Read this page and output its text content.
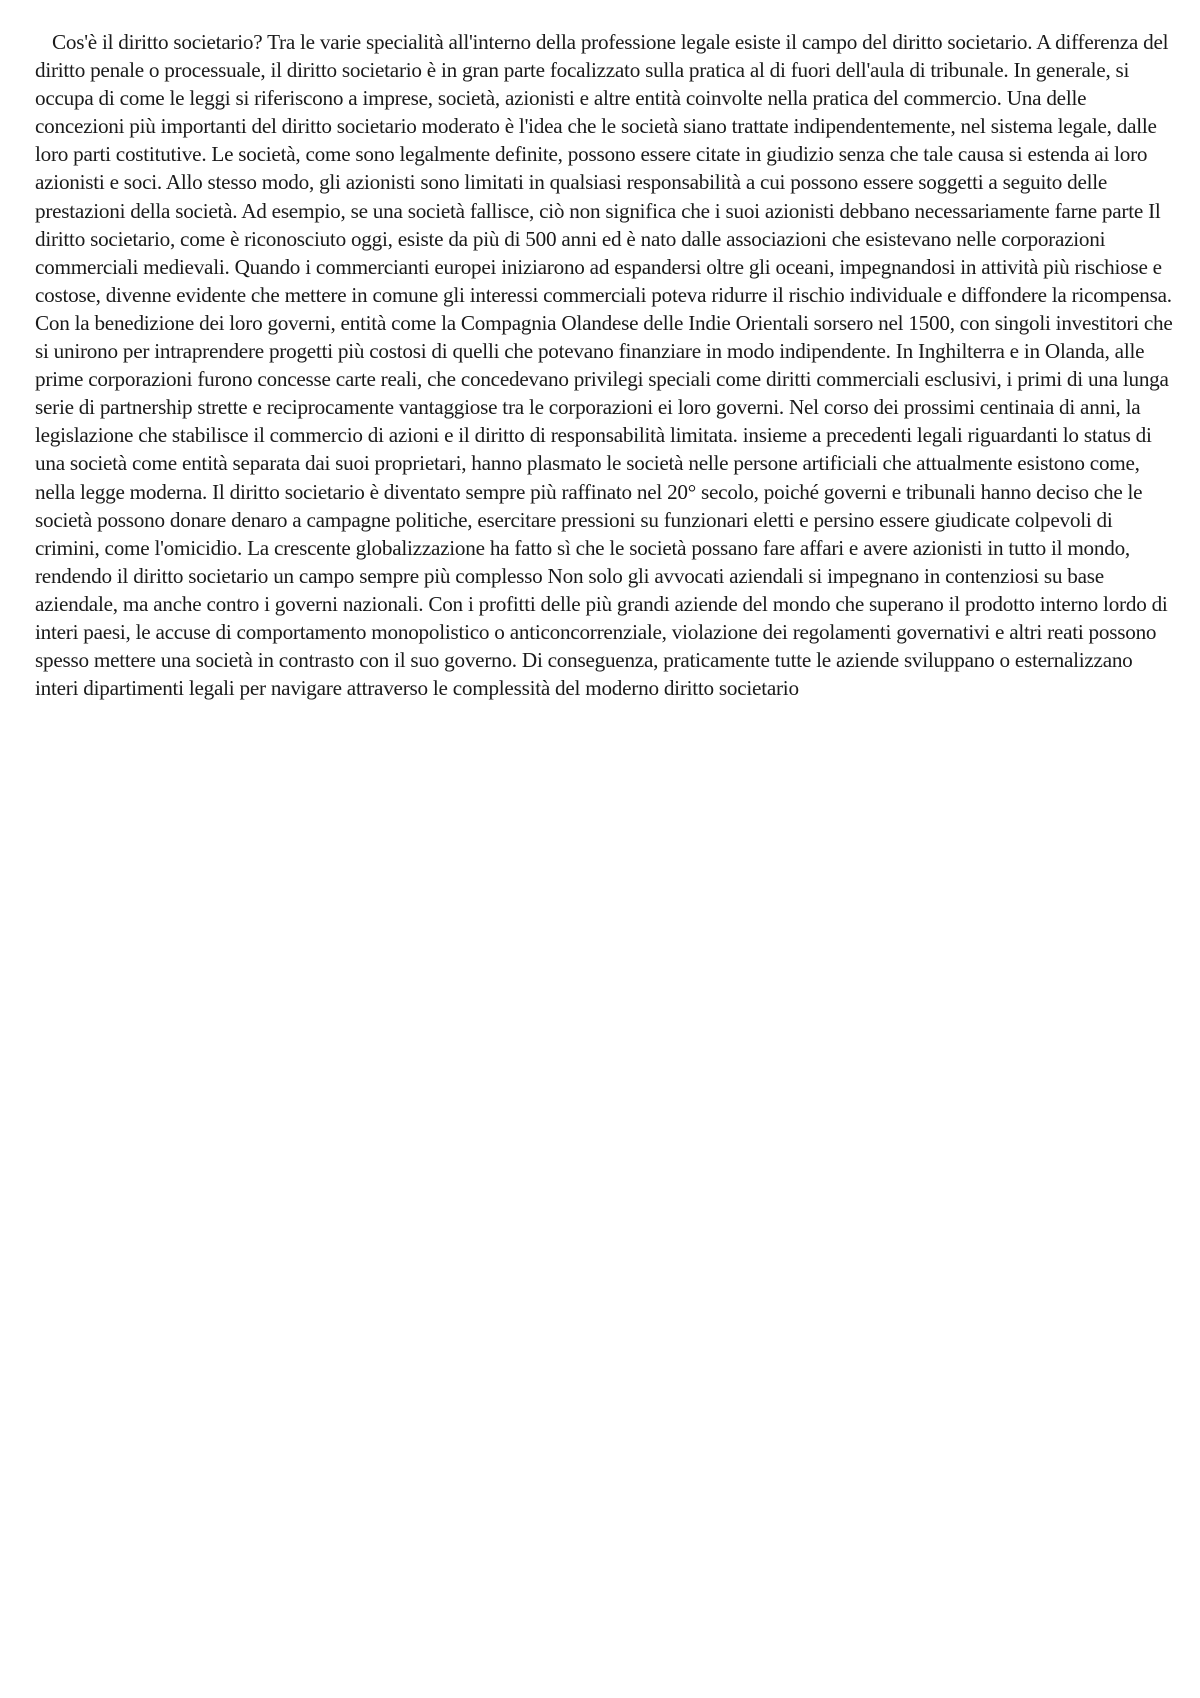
Cos'è il diritto societario? Tra le varie specialità all'interno della professione legale esiste il campo del diritto societario. A differenza del diritto penale o processuale, il diritto societario è in gran parte focalizzato sulla pratica al di fuori dell'aula di tribunale. In generale, si occupa di come le leggi si riferiscono a imprese, società, azionisti e altre entità coinvolte nella pratica del commercio. Una delle concezioni più importanti del diritto societario moderato è l'idea che le società siano trattate indipendentemente, nel sistema legale, dalle loro parti costitutive. Le società, come sono legalmente definite, possono essere citate in giudizio senza che tale causa si estenda ai loro azionisti e soci. Allo stesso modo, gli azionisti sono limitati in qualsiasi responsabilità a cui possono essere soggetti a seguito delle prestazioni della società. Ad esempio, se una società fallisce, ciò non significa che i suoi azionisti debbano necessariamente farne parte Il diritto societario, come è riconosciuto oggi, esiste da più di 500 anni ed è nato dalle associazioni che esistevano nelle corporazioni commerciali medievali. Quando i commercianti europei iniziarono ad espandersi oltre gli oceani, impegnandosi in attività più rischiose e costose, divenne evidente che mettere in comune gli interessi commerciali poteva ridurre il rischio individuale e diffondere la ricompensa. Con la benedizione dei loro governi, entità come la Compagnia Olandese delle Indie Orientali sorsero nel 1500, con singoli investitori che si unirono per intraprendere progetti più costosi di quelli che potevano finanziare in modo indipendente. In Inghilterra e in Olanda, alle prime corporazioni furono concesse carte reali, che concedevano privilegi speciali come diritti commerciali esclusivi, i primi di una lunga serie di partnership strette e reciprocamente vantaggiose tra le corporazioni ei loro governi. Nel corso dei prossimi centinaia di anni, la legislazione che stabilisce il commercio di azioni e il diritto di responsabilità limitata. insieme a precedenti legali riguardanti lo status di una società come entità separata dai suoi proprietari, hanno plasmato le società nelle persone artificiali che attualmente esistono come, nella legge moderna. Il diritto societario è diventato sempre più raffinato nel 20° secolo, poiché governi e tribunali hanno deciso che le società possono donare denaro a campagne politiche, esercitare pressioni su funzionari eletti e persino essere giudicate colpevoli di crimini, come l'omicidio. La crescente globalizzazione ha fatto sì che le società possano fare affari e avere azionisti in tutto il mondo, rendendo il diritto societario un campo sempre più complesso Non solo gli avvocati aziendali si impegnano in contenziosi su base aziendale, ma anche contro i governi nazionali. Con i profitti delle più grandi aziende del mondo che superano il prodotto interno lordo di interi paesi, le accuse di comportamento monopolistico o anticoncorrenziale, violazione dei regolamenti governativi e altri reati possono spesso mettere una società in contrasto con il suo governo. Di conseguenza, praticamente tutte le aziende sviluppano o esternalizzano interi dipartimenti legali per navigare attraverso le complessità del moderno diritto societario
